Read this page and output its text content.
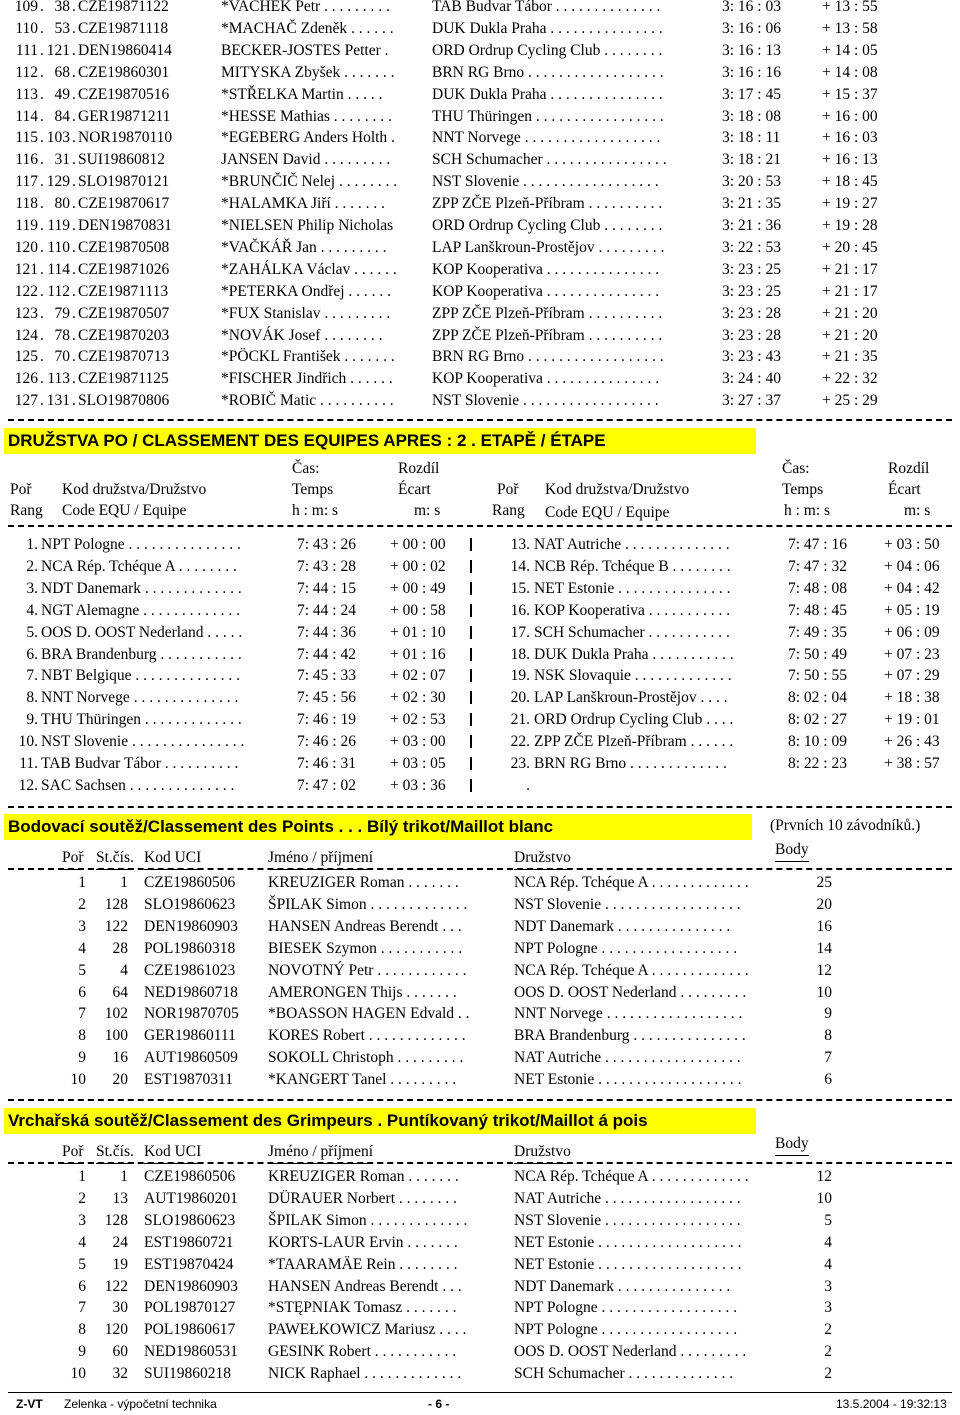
109 . 38 . CZE19871122	*VACHEK Petr . . . . . . . . .	TAB Budvar Tábor . . . . . . . . . . . . . .	3: 16 : 03	+ 13 : 55
110 . 53 . CZE19871118	*MACHAČ Zdeněk . . . . . . DUK Dukla Praha . . . . . . . . . . . . . . .	3: 16 : 06	+ 13 : 58
111 . 121 . DEN19860414	BECKER-JOSTES Petter .	ORD Ordrup Cycling Club . . . . . . . .	3: 16 : 13	+ 14 : 05
112 . 68 . CZE19860301	MITYSKA Zbyšek . . . . . . . BRN RG Brno . . . . . . . . . . . . . . . . . .	3: 16 : 16	+ 14 : 08
113 . 49 . CZE19870516	*STŘELKA Martin . . . . .	DUK Dukla Praha . . . . . . . . . . . . . . .	3: 17 : 45	+ 15 : 37
114 . 84 . GER19871211	*HESSE Mathias . . . . . . . .	THU Thüringen . . . . . . . . . . . . . . . . .	3: 18 : 08	+ 16 : 00
115 . 103 . NOR19870110	*EGEBERG Anders Holth . NNT Norvege . . . . . . . . . . . . . . . . . .	3: 18 : 11	+ 16 : 03
116 . 31 . SUI19860812	JANSEN David . . . . . . . . .	SCH Schumacher . . . . . . . . . . . . . . . .	3: 18 : 21	+ 16 : 13
117 . 129 . SLO19870121	*BRUNČIČ Nelej . . . . . . . . NST Slovenie . . . . . . . . . . . . . . . . . .	3: 20 : 53	+ 18 : 45
118 . 80 . CZE19870617	*HALAMKA Jiří . . . . . . .	ZPP ZČE Plzeň-Příbram . . . . . . . . . .	3: 21 : 35	+ 19 : 27
119 . 119 . DEN19870831	*NIELSEN Philip Nicholas	ORD Ordrup Cycling Club . . . . . . . .	3: 21 : 36	+ 19 : 28
120 . 110 . CZE19870508	*VAČKÁŘ Jan . . . . . . . . .	LAP Lanškroun-Prostějov . . . . . . . . .	3: 22 : 53	+ 20 : 45
121 . 114 . CZE19871026	*ZAHÁLKA Václav . . . . . . KOP Kooperativa . . . . . . . . . . . . . . .	3: 23 : 25	+ 21 : 17
122 . 112 . CZE19871113	*PETERKA Ondřej . . . . . .	KOP Kooperativa . . . . . . . . . . . . . . .	3: 23 : 25	+ 21 : 17
123 . 79 . CZE19870507	*FUX Stanislav . . . . . . . . .	ZPP ZČE Plzeň-Příbram . . . . . . . . . .	3: 23 : 28	+ 21 : 20
124 . 78 . CZE19870203	*NOVÁK Josef . . . . . . . .	ZPP ZČE Plzeň-Příbram . . . . . . . . . .	3: 23 : 28	+ 21 : 20
125 . 70 . CZE19870713	*PÖCKL František . . . . . . . BRN RG Brno . . . . . . . . . . . . . . . . . .	3: 23 : 43	+ 21 : 35
126 . 113 . CZE19871125	*FISCHER Jindřich . . . . . .	KOP Kooperativa . . . . . . . . . . . . . . .	3: 24 : 40	+ 22 : 32
127 . 131 . SLO19870806	*ROBIČ Matic . . . . . . . . . . NST Slovenie . . . . . . . . . . . . . . . . . .	3: 27 : 37	+ 25 : 29
DRUŽSTVA PO / CLASSEMENT DES EQUIPES APRES : 2 . ETAPĚ / ÉTAPE
Čas:	Rozdíl	Čas:	Rozdíl
Poř Kod družstva/Družstvo	Temps	Écart	Poř Kod družstva/Družstvo	Temps	Écart
Rang Code EQU / Equipe	h : m: s	m: s	Rang Code EQU / Equipe	h : m: s	m: s
1. NPT Pologne . . . . . . . . . . . . . . .	7: 43 : 26 + 00 : 00	13. NAT Autriche . . . . . . . . . . . . . .	7: 47 : 16 + 03 : 50
2. NCA Rép. Tchéque A . . . . . . . .	7: 43 : 28 + 00 : 02	14. NCB Rép. Tchéque B . . . . . . . .	7: 47 : 32 + 04 : 06
3. NDT Danemark . . . . . . . . . . . . .	7: 44 : 15 + 00 : 49	15. NET Estonie . . . . . . . . . . . . . . .	7: 48 : 08 + 04 : 42
4. NGT Alemagne . . . . . . . . . . . . .	7: 44 : 24 + 00 : 58	16. KOP Kooperativa . . . . . . . . . . .	7: 48 : 45 + 05 : 19
5. OOS D. OOST Nederland . . . . .	7: 44 : 36 + 01 : 10	17. SCH Schumacher . . . . . . . . . . .	7: 49 : 35 + 06 : 09
6. BRA Brandenburg . . . . . . . . . . .	7: 44 : 42 + 01 : 16	18. DUK Dukla Praha . . . . . . . . . . .	7: 50 : 49 + 07 : 23
7. NBT Belgique . . . . . . . . . . . . . .	7: 45 : 33 + 02 : 07	19. NSK Slovaquie . . . . . . . . . . . . .	7: 50 : 55 + 07 : 29
8. NNT Norvege . . . . . . . . . . . . . .	7: 45 : 56 + 02 : 30	20. LAP Lanškroun-Prostějov . . . .	8: 02 : 04 + 18 : 38
9. THU Thüringen . . . . . . . . . . . . .	7: 46 : 19 + 02 : 53	21. ORD Ordrup Cycling Club . . . .	8: 02 : 27 + 19 : 01
10. NST Slovenie . . . . . . . . . . . . . . .	7: 46 : 26 + 03 : 00	22. ZPP ZČE Plzeň-Příbram . . . . . .	8: 10 : 09 + 26 : 43
11. TAB Budvar Tábor . . . . . . . . . .	7: 46 : 31 + 03 : 05	23. BRN RG Brno . . . . . . . . . . . . .	8: 22 : 23 + 38 : 57
12. SAC Sachsen . . . . . . . . . . . . . .	7: 47 : 02 + 03 : 36	.
Bodovací soutěž/Classement des Points . . . Bílý trikot/Maillot blanc	(Prvních 10 závodníků.)
Poř St.čís. Kod UCI	Jméno / příjmení	Družstvo	Body
1	1 CZE19860506 KREUZIGER Roman . . . . . . .	NCA Rép. Tchéque A . . . . . . . . . . . . .	25
2	128 SLO19860623 ŠPILAK Simon . . . . . . . . . . . . .	NST Slovenie . . . . . . . . . . . . . . . . . .	20
3	122 DEN19860903 HANSEN Andreas Berendt . . .	NDT Danemark . . . . . . . . . . . . . . .	16
4	28 POL19860318 BIESEK Szymon . . . . . . . . . . .	NPT Pologne . . . . . . . . . . . . . . . . . .	14
5	4 CZE19861023 NOVOTNÝ Petr . . . . . . . . . . . .	NCA Rép. Tchéque A . . . . . . . . . . . . .	12
6	64 NED19860718 AMERONGEN Thijs . . . . . . .	OOS D. OOST Nederland . . . . . . . . .	10
7	102 NOR19870705 *BOASSON HAGEN Edvald . .	NNT Norvege . . . . . . . . . . . . . . . . . .	9
8	100 GER19860111 KORES Robert . . . . . . . . . . . . .	BRA Brandenburg . . . . . . . . . . . . . . .	8
9	16 AUT19860509 SOKOLL Christoph . . . . . . . . .	NAT Autriche . . . . . . . . . . . . . . . . . .	7
10	20 EST19870311 *KANGERT Tanel . . . . . . . . .	NET Estonie . . . . . . . . . . . . . . . . . . .	6
Vrchařská soutěž/Classement des Grimpeurs . Puntíkovaný trikot/Maillot á pois
Poř St.čís. Kod UCI	Jméno / příjmení	Družstvo	Body
1	1 CZE19860506 KREUZIGER Roman . . . . . . .	NCA Rép. Tchéque A . . . . . . . . . . . . .	12
2	13 AUT19860201 DÜRAUER Norbert . . . . . . . .	NAT Autriche . . . . . . . . . . . . . . . . . .	10
3	128 SLO19860623 ŠPILAK Simon . . . . . . . . . . . . .	NST Slovenie . . . . . . . . . . . . . . . . . .	5
4	24 EST19860721 KORTS-LAUR Ervin . . . . . . .	NET Estonie . . . . . . . . . . . . . . . . . . .	4
5	19 EST19870424 *TAARAMÄE Rein . . . . . . . .	NET Estonie . . . . . . . . . . . . . . . . . . .	4
6	122 DEN19860903 HANSEN Andreas Berendt . . .	NDT Danemark . . . . . . . . . . . . . . .	3
7	30 POL19870127 *STĘPNIAK Tomasz . . . . . . .	NPT Pologne . . . . . . . . . . . . . . . . . .	3
8	120 POL19860617 PAWEŁKOWICZ Mariusz . . . .	NPT Pologne . . . . . . . . . . . . . . . . . .	2
9	60 NED19860531 GESINK Robert . . . . . . . . . . .	OOS D. OOST Nederland . . . . . . . . .	2
10	32 SUI19860218 NICK Raphael . . . . . . . . . . . . .	SCH Schumacher . . . . . . . . . . . . . .	2
Z-VT Zelenka - výpočetní technika	- 6 -	13.5.2004 - 19:32:13
